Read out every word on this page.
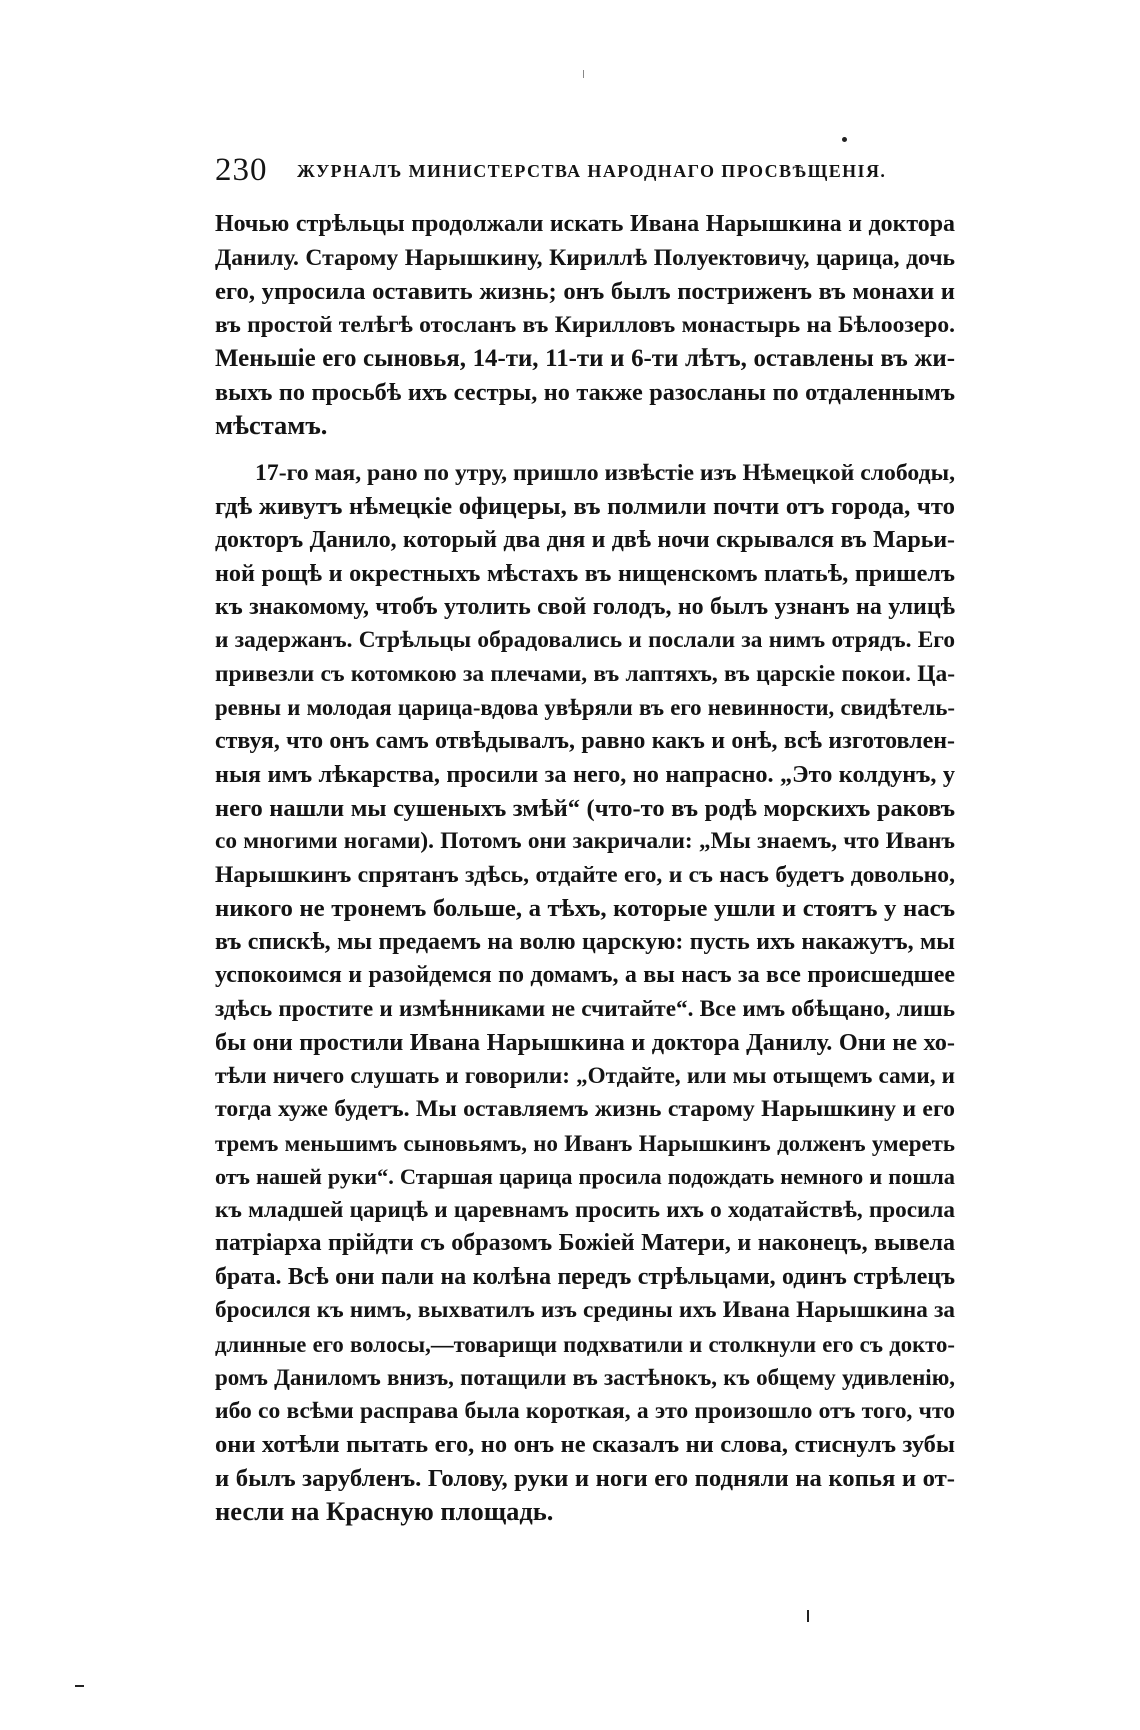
230 ЖУРНАЛЪ МИНИСТЕРСТВА НАРОДНАГО ПРОСВѢЩЕНІЯ.
Ночью стрѣльцы продолжали искать Ивана Нарышкина и доктора
Данилу. Старому Нарышкину, Кириллѣ Полуектовичу, царица, дочь
его, упросила оставить жизнь; онъ былъ постриженъ въ монахи и
въ простой телѣгѣ отосланъ въ Кирилловъ монастырь на Бѣлоозеро.
Меньшіе его сыновья, 14-ти, 11-ти и 6-ти лѣтъ, оставлены въ жи-
выхъ по просьбѣ ихъ сестры, но также разосланы по отдаленнымъ
мѣстамъ.
17-го мая, рано по утру, пришло извѣстіе изъ Нѣмецкой слободы,
гдѣ живутъ нѣмецкіе офицеры, въ полмили почти отъ города, что
докторъ Данило, который два дня и двѣ ночи скрывался въ Марьи-
ной рощѣ и окрестныхъ мѣстахъ въ нищенскомъ платьѣ, пришелъ
къ знакомому, чтобъ утолить свой голодъ, но былъ узнанъ на улицѣ
и задержанъ. Стрѣльцы обрадовались и послали за нимъ отрядъ. Его
привезли съ котомкою за плечами, въ лаптяхъ, въ царскіе покои. Ца-
ревны и молодая царица-вдова увѣряли въ его невинности, свидѣтель-
ствуя, что онъ самъ отвѣдывалъ, равно какъ и онѣ, всѣ изготовлен-
ныя имъ лѣкарства, просили за него, но напрасно. „Это колдунъ, у
него нашли мы сушеныхъ змѣй“ (что-то въ родѣ морскихъ раковъ
со многими ногами). Потомъ они закричали: „Мы знаемъ, что Иванъ
Нарышкинъ спрятанъ здѣсь, отдайте его, и съ насъ будетъ довольно,
никого не тронемъ больше, а тѣхъ, которые ушли и стоятъ у насъ
въ спискѣ, мы предаемъ на волю царскую: пусть ихъ накажутъ, мы
успокоимся и разойдемся по домамъ, а вы насъ за все происшедшее
здѣсь простите и измѣнниками не считайте“. Все имъ обѣщано, лишь
бы они простили Ивана Нарышкина и доктора Данилу. Они не хо-
тѣли ничего слушать и говорили: „Отдайте, или мы отыщемъ сами, и
тогда хуже будетъ. Мы оставляемъ жизнь старому Нарышкину и его
тремъ меньшимъ сыновьямъ, но Иванъ Нарышкинъ долженъ умереть
отъ нашей руки“. Старшая царица просила подождать немного и пошла
къ младшей царицѣ и царевнамъ просить ихъ о ходатайствѣ, просила
патріарха прійдти съ образомъ Божіей Матери, и наконецъ, вывела
брата. Всѣ они пали на колѣна передъ стрѣльцами, одинъ стрѣлецъ
бросился къ нимъ, выхватилъ изъ средины ихъ Ивана Нарышкина за
длинные его волосы,—товарищи подхватили и столкнули его съ докто-
ромъ Даниломъ внизъ, потащили въ застѣнокъ, къ общему удивленію,
ибо со всѣми расправа была короткая, а это произошло отъ того, что
они хотѣли пытать его, но онъ не сказалъ ни слова, стиснулъ зубы
и былъ зарубленъ. Голову, руки и ноги его подняли на копья и от-
несли на Красную площадь.
